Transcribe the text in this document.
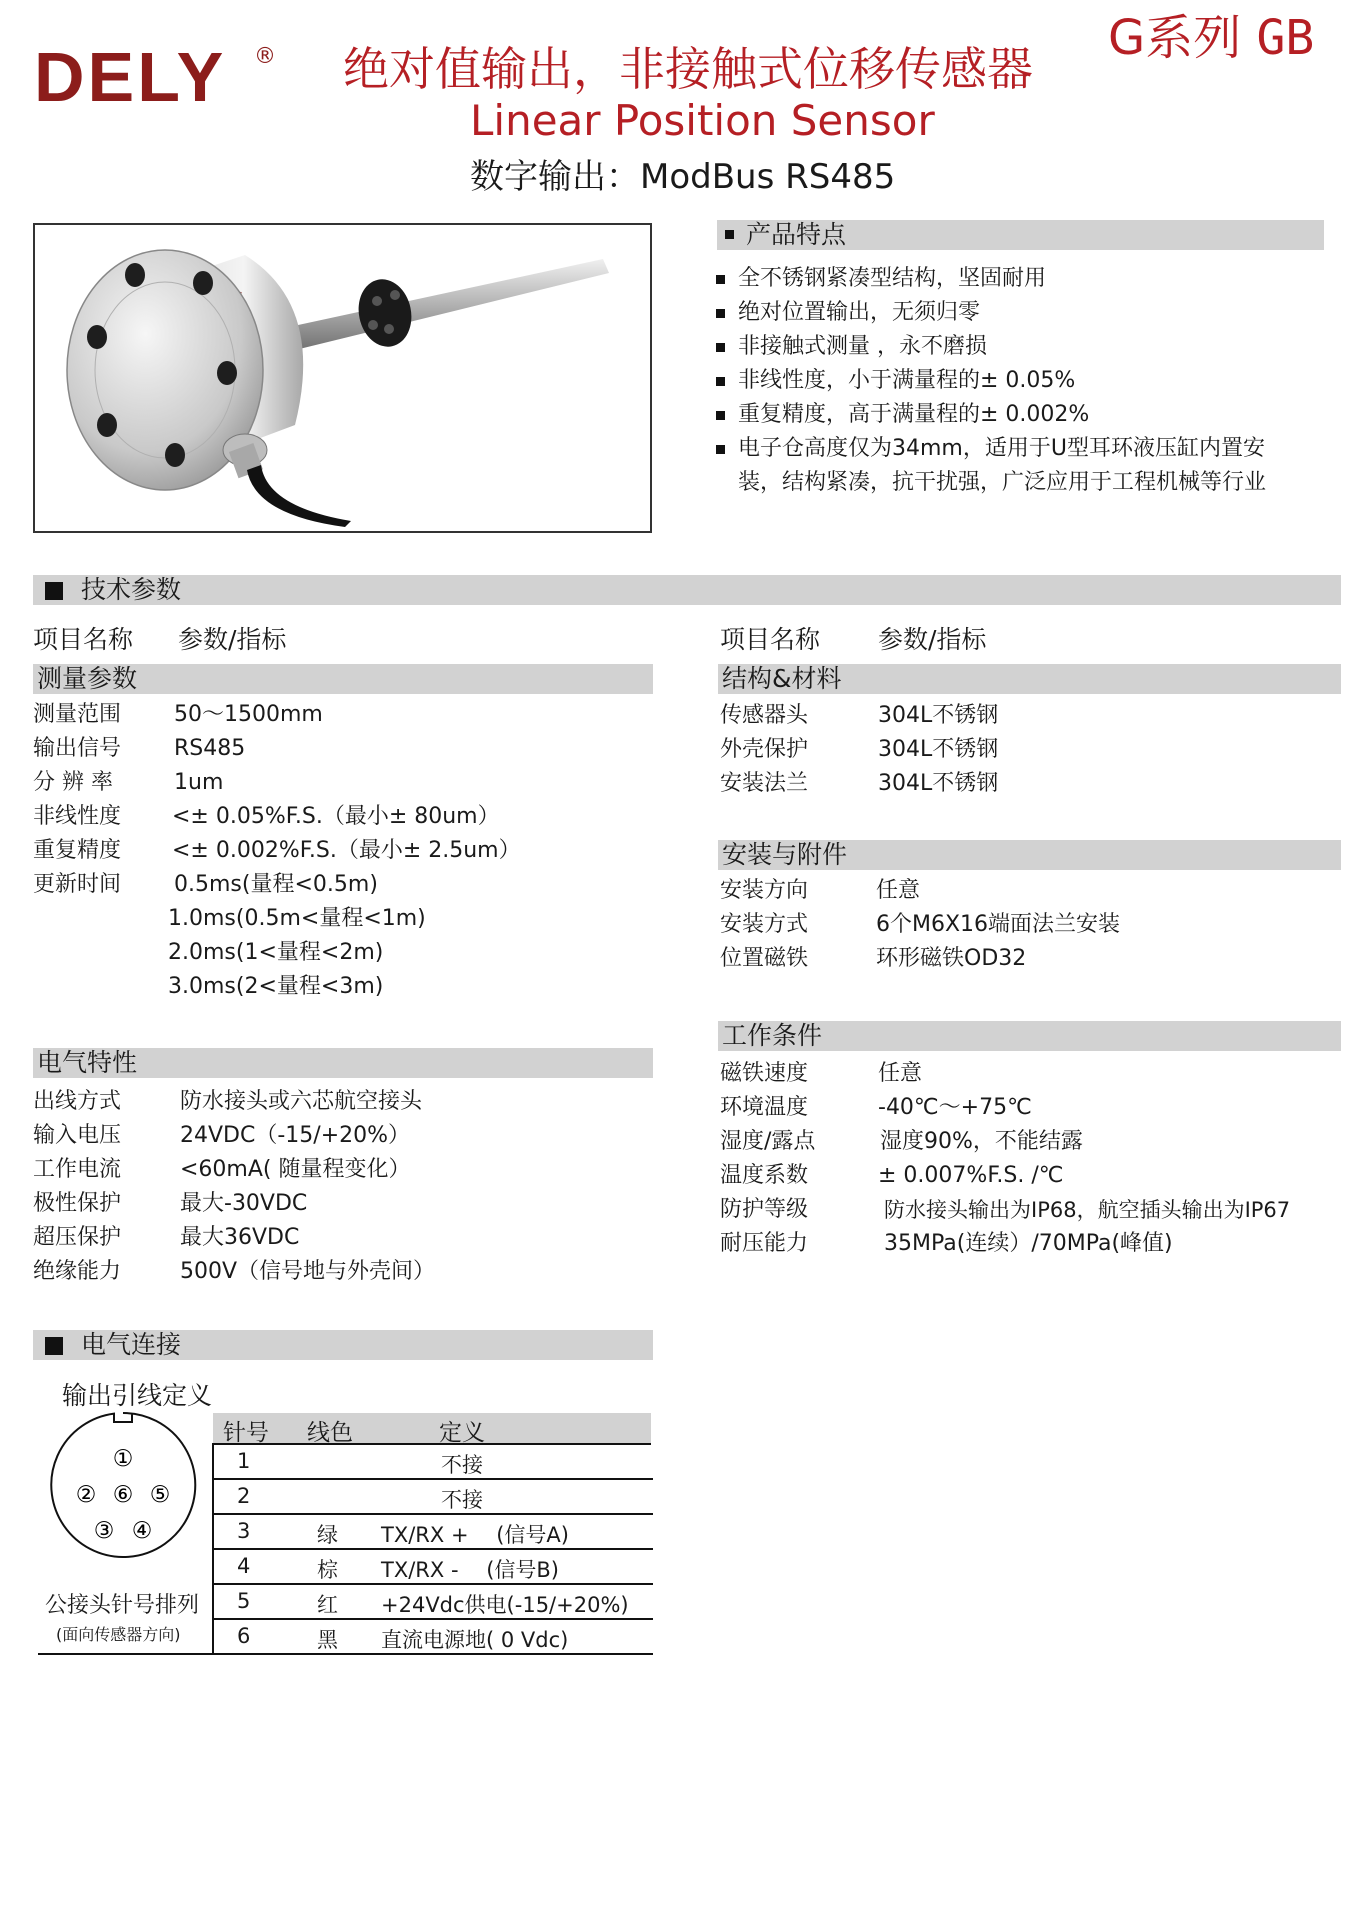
DELY ® 绝对值输出，非接触式位移传感器
Linear Position Sensor
数字输出：ModBus RS485
G系列 GB
产品特点
全不锈钢紧凑型结构，坚固耐用
绝对位置输出，无须归零
非接触式测量 ，永不磨损
非线性度，小于满量程的± 0.05%
重复精度，高于满量程的± 0.002%
电子仓高度仅为34mm，适用于U型耳环液压缸内置安
装，结构紧凑，抗干扰强，广泛应用于工程机械等行业
技术参数
项目名称 参数/指标	项目名称 参数/指标
测量参数
测量范围 50～1500mm
输出信号 RS485
分 辨 率	1um
非线性度 <± 0.05%F.S.（最小± 80um）
重复精度 <± 0.002%F.S.（最小± 2.5um）
更新时间 0.5ms(量程<0.5m)
1.0ms(0.5m<量程<1m)
2.0ms(1<量程<2m)
3.0ms(2<量程<3m)
电气特性
出线方式	防水接头或六芯航空接头
输入电压	24VDC（-15/+20%）
工作电流	<60mA( 随量程变化）
极性保护	最大-30VDC
超压保护	最大36VDC
绝缘能力	500V（信号地与外壳间）
结构&材料
传感器头	304L不锈钢
外壳保护	304L不锈钢
安装法兰	304L不锈钢
安装与附件
安装方向	任意
安装方式	6个M6X16端面法兰安装
位置磁铁	环形磁铁OD32
工作条件
磁铁速度	任意
环境温度	-40℃～+75℃
湿度/露点	湿度90%，不能结露
温度系数	± 0.007%F.S. /℃
防护等级	防水接头输出为IP68，航空插头输出为IP67
耐压能力	35MPa(连续）/70MPa(峰值)
电气连接
输出引线定义
①
② ⑥ ⑤
③ ④
公接头针号排列
(面向传感器方向)
针号 线色	定义
1	不接
2	不接
3	绿 TX/RX +　 (信号A)
4	棕 TX/RX -　 (信号B)
5	红 +24Vdc供电(-15/+20%)
6	黑 直流电源地( 0 Vdc)
